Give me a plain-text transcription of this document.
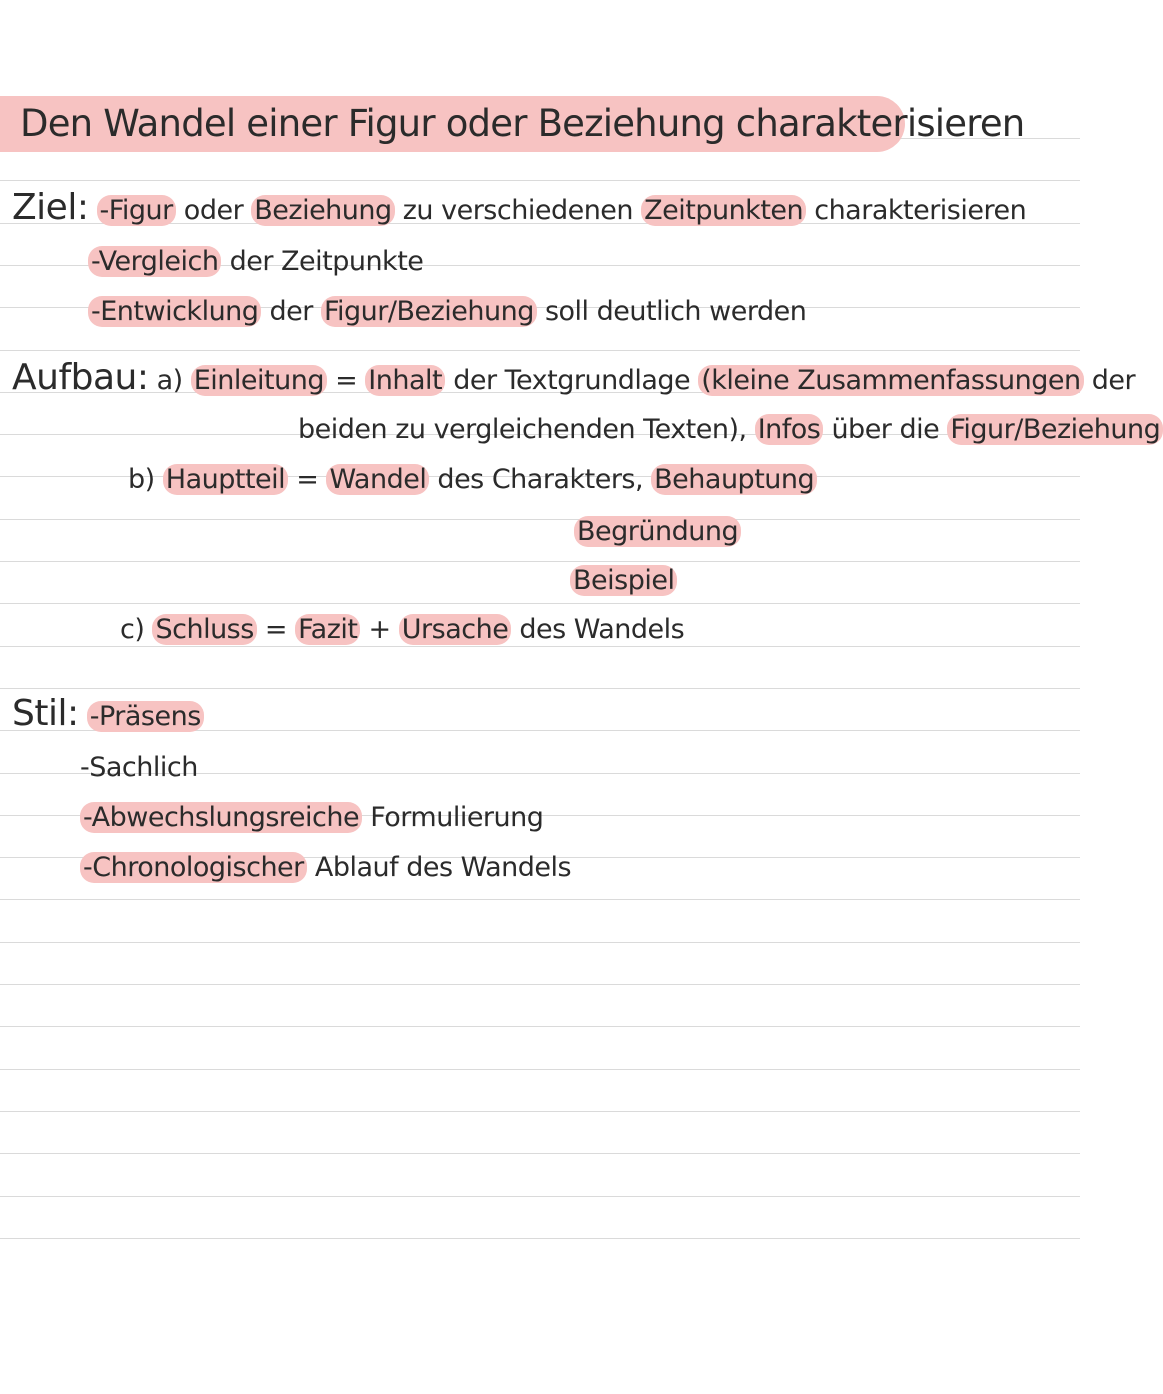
Den Wandel einer Figur oder Beziehung charakterisieren
Ziel: -Figur oder Beziehung zu verschiedenen Zeitpunkten charakterisieren
-Vergleich der Zeitpunkte
-Entwicklung der Figur/Beziehung soll deutlich werden
Aufbau: a) Einleitung = Inhalt der Textgrundlage (kleine Zusammenfassungen der
beiden zu vergleichenden Texten), Infos über die Figur/Beziehung
b) Hauptteil = Wandel des Charakters, Behauptung
Begründung
Beispiel
c) Schluss = Fazit + Ursache des Wandels
Stil: -Präsens
-Sachlich
-Abwechslungsreiche Formulierung
-Chronologischer Ablauf des Wandels
